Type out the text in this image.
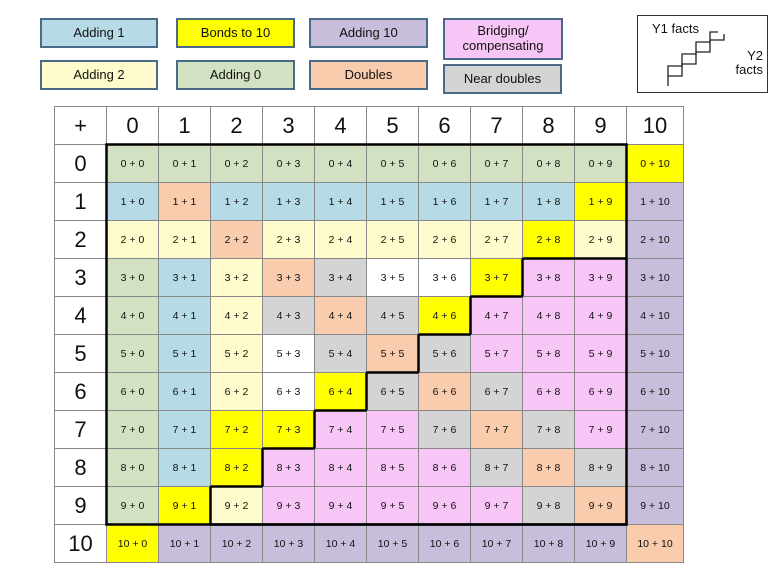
Adding 1	Bonds to 10	Adding 10	Bridging/
compensating
Adding 2	Adding 0	Doubles	Near doubles
Y1 facts
Y2
facts
+	0	1	2	3	4	5	6	7	8	9	10
0	0 + 0	0 + 1	0 + 2	0 + 3	0 + 4	0 + 5	0 + 6	0 + 7	0 + 8	0 + 9	0 + 10
1	1 + 0	1 + 1	1 + 2	1 + 3	1 + 4	1 + 5	1 + 6	1 + 7	1 + 8	1 + 9	1 + 10
2	2 + 0	2 + 1	2 + 2	2 + 3	2 + 4	2 + 5	2 + 6	2 + 7	2 + 8	2 + 9	2 + 10
3	3 + 0	3 + 1	3 + 2	3 + 3	3 + 4	3 + 5	3 + 6	3 + 7	3 + 8	3 + 9	3 + 10
4	4 + 0	4 + 1	4 + 2	4 + 3	4 + 4	4 + 5	4 + 6	4 + 7	4 + 8	4 + 9	4 + 10
5	5 + 0	5 + 1	5 + 2	5 + 3	5 + 4	5 + 5	5 + 6	5 + 7	5 + 8	5 + 9	5 + 10
6	6 + 0	6 + 1	6 + 2	6 + 3	6 + 4	6 + 5	6 + 6	6 + 7	6 + 8	6 + 9	6 + 10
7	7 + 0	7 + 1	7 + 2	7 + 3	7 + 4	7 + 5	7 + 6	7 + 7	7 + 8	7 + 9	7 + 10
8	8 + 0	8 + 1	8 + 2	8 + 3	8 + 4	8 + 5	8 + 6	8 + 7	8 + 8	8 + 9	8 + 10
9	9 + 0	9 + 1	9 + 2	9 + 3	9 + 4	9 + 5	9 + 6	9 + 7	9 + 8	9 + 9	9 + 10
10	10 + 0	10 + 1	10 + 2	10 + 3	10 + 4	10 + 5	10 + 6	10 + 7	10 + 8	10 + 9	10 + 10
